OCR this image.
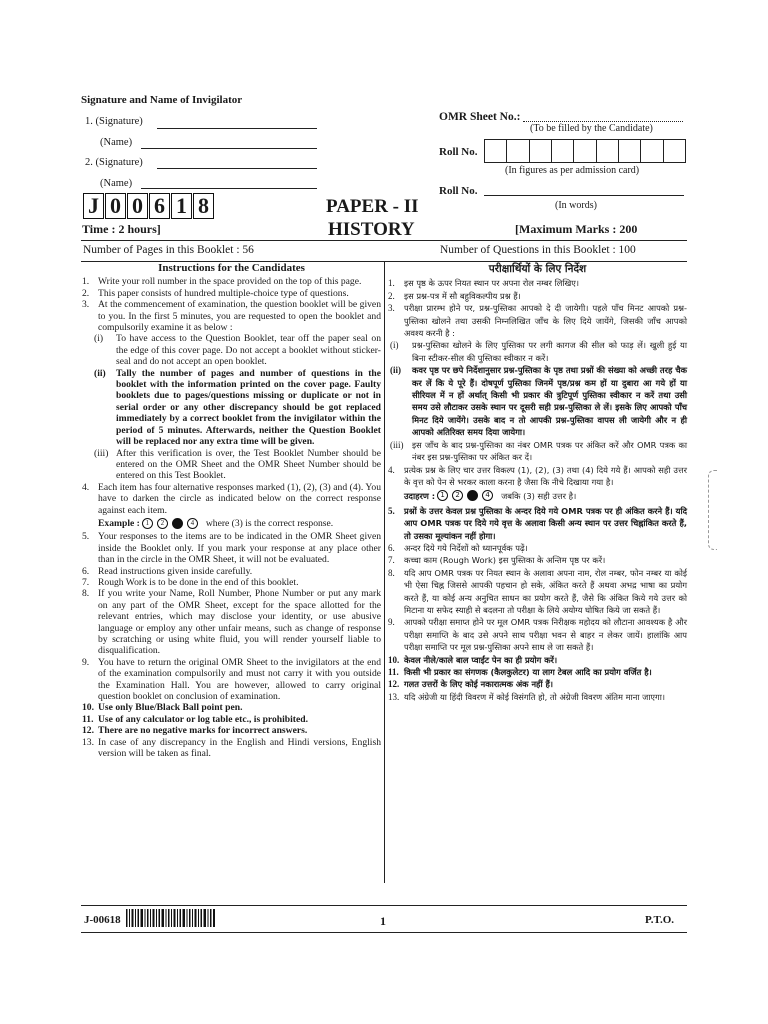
Signature and Name of Invigilator
1. (Signature)
(Name)
2. (Signature)
(Name)
J 0 0 6 1 8
Time : 2 hours]
PAPER - II
HISTORY
OMR Sheet No.:
(To be filled by the Candidate)
Roll No.
(In figures as per admission card)
Roll No.
(In words)
[Maximum Marks : 200
Number of Pages in this Booklet : 56	Number of Questions in this Booklet : 100
Instructions for the Candidates
1. Write your roll number in the space provided on the top of this page.
2. This paper consists of hundred multiple-choice type of questions.
3. At the commencement of examination, the question booklet will be given to you. In the first 5 minutes, you are requested to open the booklet and compulsorily examine it as below :
(i)	To have access to the Question Booklet, tear off the paper seal on the edge of this cover page. Do not accept a booklet without sticker-seal and do not accept an open booklet.
(ii)	Tally the number of pages and number of questions in the booklet with the information printed on the cover page. Faulty booklets due to pages/questions missing or duplicate or not in serial order or any other discrepancy should be got replaced immediately by a correct booklet from the invigilator within the period of 5 minutes. Afterwards, neither the Question Booklet will be replaced nor any extra time will be given.
(iii) After this verification is over, the Test Booklet Number should be entered on the OMR Sheet and the OMR Sheet Number should be entered on this Test Booklet.
4. Each item has four alternative responses marked (1), (2), (3) and (4). You have to darken the circle as indicated below on the correct response against each item.
Example : 1	2	4	where (3) is the correct response.
5. Your responses to the items are to be indicated in the OMR Sheet given inside the Booklet only. If you mark your response at any place other than in the circle in the OMR Sheet, it will not be evaluated.
6. Read instructions given inside carefully.
7. Rough Work is to be done in the end of this booklet.
8. If you write your Name, Roll Number, Phone Number or put any mark on any part of the OMR Sheet, except for the space allotted for the relevant entries, which may disclose your identity, or use abusive language or employ any other unfair means, such as change of response by scratching or using white fluid, you will render yourself liable to disqualification.
9. You have to return the original OMR Sheet to the invigilators at the end of the examination compulsorily and must not carry it with you outside the Examination Hall. You are however, allowed to carry original question booklet on conclusion of examination.
10. Use only Blue/Black Ball point pen.
11. Use of any calculator or log table etc., is prohibited.
12. There are no negative marks for incorrect answers.
13. In case of any discrepancy in the English and Hindi versions, English version will be taken as final.
परीक्षार्थियों के लिए निर्देश
1.	इस पृष्ठ के ऊपर नियत स्थान पर अपना रोल नम्बर लिखिए।
2.	इस प्रश्न-पत्र में सौ बहुविकल्पीय प्रश्न हैं।
3.	परीक्षा प्रारम्भ होने पर, प्रश्न-पुस्तिका आपको दे दी जायेगी। पहले पाँच मिनट आपको प्रश्न-पुस्तिका खोलने तथा उसकी निम्नलिखित जाँच के लिए दिये जायेंगे, जिसकी जाँच आपको अवश्य करनी है :
(i)	प्रश्न-पुस्तिका खोलने के लिए पुस्तिका पर लगी कागज की सील को फाड़ लें। खुली हुई या बिना स्टीकर-सील की पुस्तिका स्वीकार न करें।
(ii)	कवर पृष्ठ पर छपे निर्देशानुसार प्रश्न-पुस्तिका के पृष्ठ तथा प्रश्नों की संख्या को अच्छी तरह चैक कर लें कि ये पूरे हैं। दोषपूर्ण पुस्तिका जिनमें पृष्ठ/प्रश्न कम हों या दुबारा आ गये हों या सीरियल में न हों अर्थात् किसी भी प्रकार की त्रुटिपूर्ण पुस्तिका स्वीकार न करें तथा उसी समय उसे लौटाकर उसके स्थान पर दूसरी सही प्रश्न-पुस्तिका ले लें। इसके लिए आपको पाँच मिनट दिये जायेंगे। उसके बाद न तो आपकी प्रश्न-पुस्तिका वापस ली जायेगी और न ही आपको अतिरिक्त समय दिया जायेगा।
(iii)	इस जाँच के बाद प्रश्न-पुस्तिका का नंबर OMR पत्रक पर अंकित करें और OMR पत्रक का नंबर इस प्रश्न-पुस्तिका पर अंकित कर दें।
4.	प्रत्येक प्रश्न के लिए चार उत्तर विकल्प (1), (2), (3) तथा (4) दिये गये हैं। आपको सही उत्तर के वृत्त को पेन से भरकर काला करना है जैसा कि नीचे दिखाया गया है।
उदाहरण : 1	2	4	जबकि (3) सही उत्तर है।
5.	प्रश्नों के उत्तर केवल प्रश्न पुस्तिका के अन्दर दिये गये OMR पत्रक पर ही अंकित करने हैं। यदि आप OMR पत्रक पर दिये गये वृत्त के अलावा किसी अन्य स्थान पर उत्तर चिह्नांकित करते हैं, तो उसका मूल्यांकन नहीं होगा।
6.	अन्दर दिये गये निर्देशों को ध्यानपूर्वक पढ़ें।
7.	कच्चा काम (Rough Work) इस पुस्तिका के अन्तिम पृष्ठ पर करें।
8.	यदि आप OMR पत्रक पर नियत स्थान के अलावा अपना नाम, रोल नम्बर, फोन नम्बर या कोई भी ऐसा चिह्न जिससे आपकी पहचान हो सके, अंकित करते हैं अथवा अभद्र भाषा का प्रयोग करते हैं, या कोई अन्य अनुचित साधन का प्रयोग करते हैं, जैसे कि अंकित किये गये उत्तर को मिटाना या सफेद स्याही से बदलना तो परीक्षा के लिये अयोग्य घोषित किये जा सकते हैं।
9.	आपको परीक्षा समाप्त होने पर मूल OMR पत्रक निरीक्षक महोदय को लौटाना आवश्यक है और परीक्षा समाप्ति के बाद उसे अपने साथ परीक्षा भवन से बाहर न लेकर जायें। हालांकि आप परीक्षा समाप्ति पर मूल प्रश्न-पुस्तिका अपने साथ ले जा सकते हैं।
10. केवल नीले/काले बाल प्वाईंट पेन का ही प्रयोग करें।
11. किसी भी प्रकार का संगणक (कैलकुलेटर) या लाग टेबल आदि का प्रयोग वर्जित है।
12. गलत उत्तरों के लिए कोई नकारात्मक अंक नहीं हैं।
13. यदि अंग्रेजी या हिंदी विवरण में कोई विसंगति हो, तो अंग्रेजी विवरण अंतिम माना जाएगा।
J-00618	1	P.T.O.
